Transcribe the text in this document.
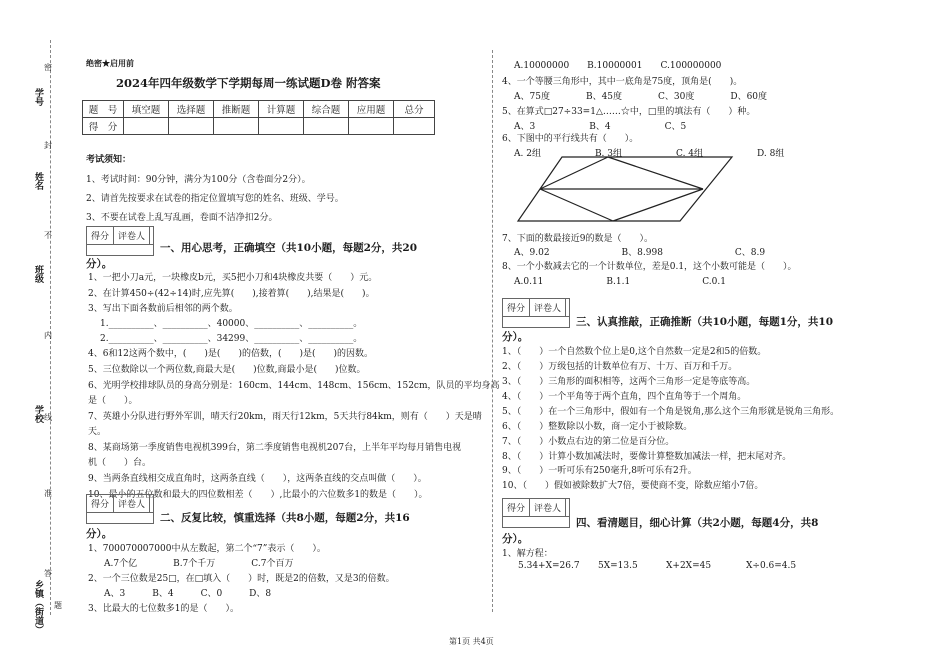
学号
姓名
班级
学校
乡镇（街道）
密
封
不
内
线
准
答
题
绝密★启用前
2024年四年级数学下学期每周一练试题D卷 附答案
题　号	填空题	选择题	推断题	计算题	综合题	应用题	总分
得　分							
考试须知：
1、考试时间：90分钟，满分为100分（含卷面分2分）。
2、请首先按要求在试卷的指定位置填写您的姓名、班级、学号。
3、不要在试卷上乱写乱画，卷面不洁净扣2分。
得分 评卷人
一、用心思考，正确填空（共10小题，每题2分，共20
分）。
1、一把小刀a元，一块橡皮b元，买5把小刀和4块橡皮共要（　　）元。
2、在计算450÷(42÷14)时,应先算(　　),接着算(　　),结果是(　　)。
3、写出下面各数前后相邻的两个数。
1.__________、__________、40000、__________、__________。
2.__________、__________、34299、__________、__________。
4、6和12这两个数中，(　　)是(　　)的倍数，(　　)是(　　)的因数。
5、三位数除以一个两位数,商最大是(　　)位数,商最小是(　　)位数。
6、光明学校排球队员的身高分别是：160cm、144cm、148cm、156cm、152cm，队员的平均身高
是（　　）。
7、英雄小分队进行野外军训，晴天行20km，雨天行12km，5天共行84km，则有（　　）天是晴
天。
8、某商场第一季度销售电视机399台，第二季度销售电视机207台，上半年平均每月销售电视
机（　　）台。
9、当两条直线相交成直角时，这两条直线（　　），这两条直线的交点叫做（　　）。
10、最小的五位数和最大的四位数相差（　　）,比最小的六位数多1的数是（　　）。
得分 评卷人
二、反复比较，慎重选择（共8小题，每题2分，共16
分）。
1、700070007000中从左数起，第二个“7”表示（　　）。
A.7个亿　　　　B.7个千万　　　　C.7个百万
2、一个三位数是25□，在□填入（　　）时，既是2的倍数，又是3的倍数。
A、3　　　B、4　　　C、0　　　D、8
3、比最大的七位数多1的是（　　）。
A.10000000　　B.10000001　　C.100000000
4、一个等腰三角形中，其中一底角是75度，顶角是(　　)。
A、75度　　　　B、45度　　　　C、30度　　　　D、60度
5、在算式□27÷33=1△……☆中，□里的填法有（　　）种。
A、3　　　　　　B、4　　　　　　C、5
6、下图中的平行线共有（　　）。
A. 2组　　　　　　B. 3组　　　　　　C. 4组　　　　　　D. 8组
7、下面的数最接近9的数是（　　）。
A、9.02　　　　　　　　B、8.998　　　　　　　　C、8.9
8、一个小数减去它的一个计数单位，差是0.1，这个小数可能是（　　）。
A.0.11　　　　　　　B.1.1　　　　　　　　C.0.1
得分 评卷人
三、认真推敲，正确推断（共10小题，每题1分，共10
分）。
1、（　　）一个自然数个位上是0,这个自然数一定是2和5的倍数。
2、（　　）万级包括的计数单位有万、十万、百万和千万。
3、（　　）三角形的面积相等，这两个三角形一定是等底等高。
4、（　　）一个平角等于两个直角，四个直角等于一个周角。
5、（　　）在一个三角形中，假如有一个角是锐角,那么这个三角形就是锐角三角形。
6、（　　）整数除以小数，商一定小于被除数。
7、（　　）小数点右边的第二位是百分位。
8、（　　）计算小数加减法时，要像计算整数加减法一样，把末尾对齐。
9、（　　）一听可乐有250毫升,8听可乐有2升。
10、（　　）假如被除数扩大7倍，要使商不变，除数应缩小7倍。
得分 评卷人
四、看清题目，细心计算（共2小题，每题4分，共8
分）。
1、解方程：
5.34+X=26.7 5X=13.5	X+2X=45	X÷0.6=4.5
第1页 共4页
